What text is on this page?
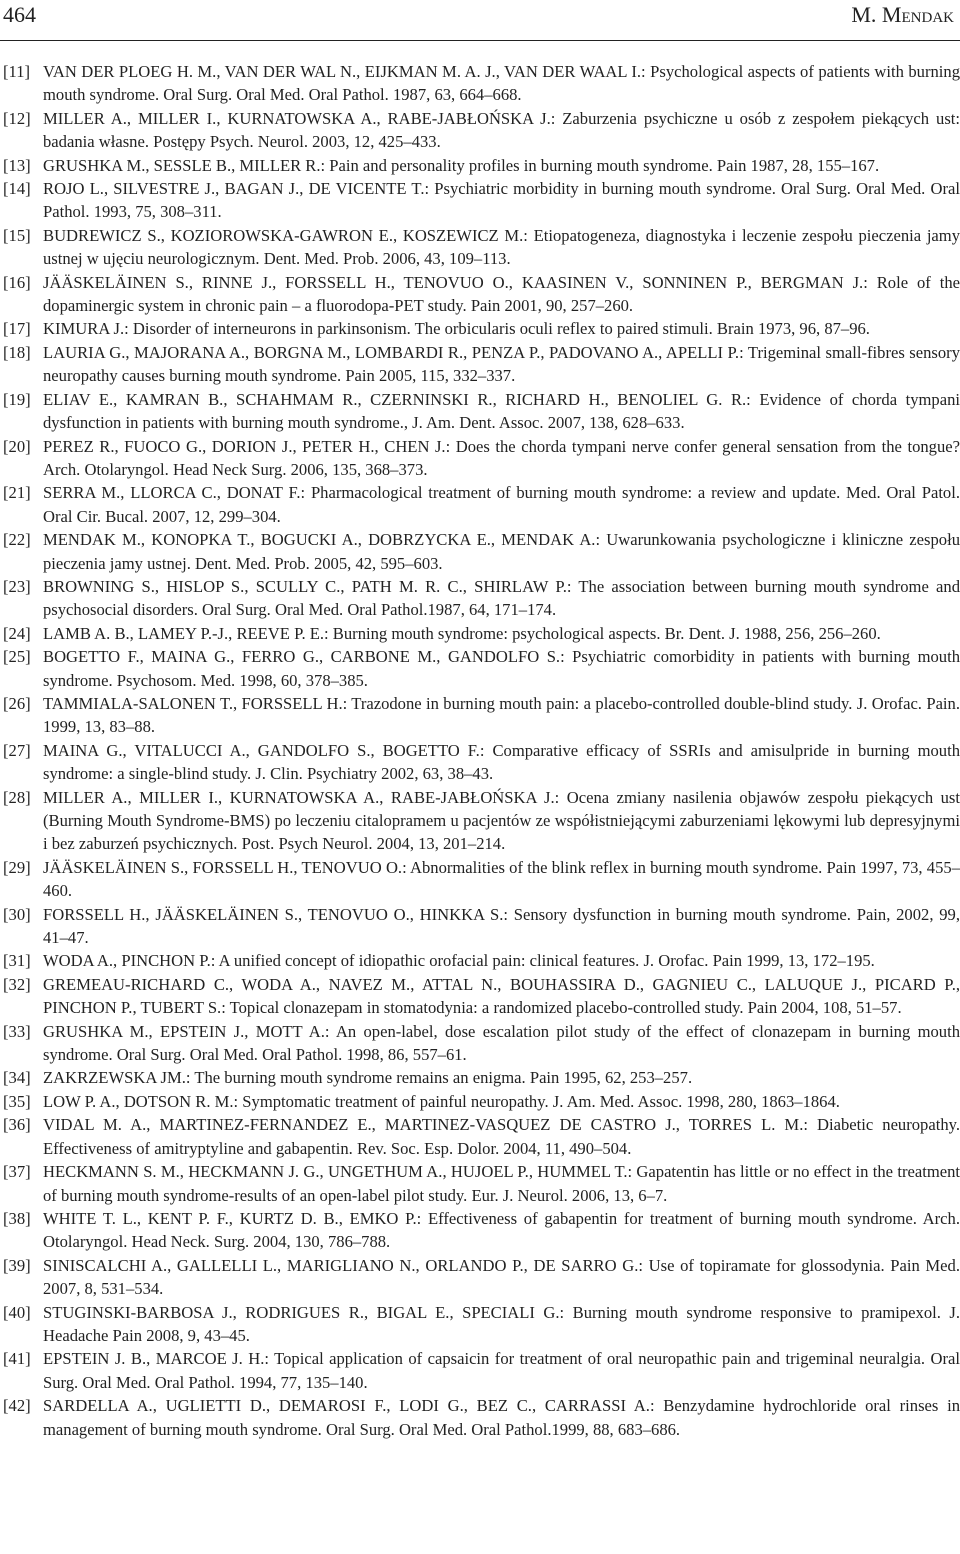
464	M. Mendak
[11] VAN DER PLOEG H. M., VAN DER WAL N., EIJKMAN M. A. J., VAN DER WAAL I.: Psychological aspects of patients with burning mouth syndrome. Oral Surg. Oral Med. Oral Pathol. 1987, 63, 664–668.
[12] MILLER A., MILLER I., KURNATOWSKA A., RABE-JABŁOŃSKA J.: Zaburzenia psychiczne u osób z zespołem piekących ust: badania własne. Postępy Psych. Neurol. 2003, 12, 425–433.
[13] GRUSHKA M., SESSLE B., MILLER R.: Pain and personality profiles in burning mouth syndrome. Pain 1987, 28, 155–167.
[14] ROJO L., SILVESTRE J., BAGAN J., DE VICENTE T.: Psychiatric morbidity in burning mouth syndrome. Oral Surg. Oral Med. Oral Pathol. 1993, 75, 308–311.
[15] BUDREWICZ S., KOZIOROWSKA-GAWRON E., KOSZEWICZ M.: Etiopatogeneza, diagnostyka i leczenie zespołu pieczenia jamy ustnej w ujęciu neurologicznym. Dent. Med. Prob. 2006, 43, 109–113.
[16] JÄÄSKELÄINEN S., RINNE J., FORSSELL H., TENOVUO O., KAASINEN V., SONNINEN P., BERGMAN J.: Role of the dopaminergic system in chronic pain – a fluorodopa-PET study. Pain 2001, 90, 257–260.
[17] KIMURA J.: Disorder of interneurons in parkinsonism. The orbicularis oculi reflex to paired stimuli. Brain 1973, 96, 87–96.
[18] LAURIA G., MAJORANA A., BORGNA M., LOMBARDI R., PENZA P., PADOVANO A., APELLI P.: Trigeminal small-fibres sensory neuropathy causes burning mouth syndrome. Pain 2005, 115, 332–337.
[19] ELIAV E., KAMRAN B., SCHAHMAM R., CZERNINSKI R., RICHARD H., BENOLIEL G. R.: Evidence of chorda tympani dysfunction in patients with burning mouth syndrome., J. Am. Dent. Assoc. 2007, 138, 628–633.
[20] PEREZ R., FUOCO G., DORION J., PETER H., CHEN J.: Does the chorda tympani nerve confer general sensation from the tongue? Arch. Otolaryngol. Head Neck Surg. 2006, 135, 368–373.
[21] SERRA M., LLORCA C., DONAT F.: Pharmacological treatment of burning mouth syndrome: a review and update. Med. Oral Patol. Oral Cir. Bucal. 2007, 12, 299–304.
[22] MENDAK M., KONOPKA T., BOGUCKI A., DOBRZYCKA E., MENDAK A.: Uwarunkowania psychologiczne i kliniczne zespołu pieczenia jamy ustnej. Dent. Med. Prob. 2005, 42, 595–603.
[23] BROWNING S., HISLOP S., SCULLY C., PATH M. R. C., SHIRLAW P.: The association between burning mouth syndrome and psychosocial disorders. Oral Surg. Oral Med. Oral Pathol.1987, 64, 171–174.
[24] LAMB A. B., LAMEY P.-J., REEVE P. E.: Burning mouth syndrome: psychological aspects. Br. Dent. J. 1988, 256, 256–260.
[25] BOGETTO F., MAINA G., FERRO G., CARBONE M., GANDOLFO S.: Psychiatric comorbidity in patients with burning mouth syndrome. Psychosom. Med. 1998, 60, 378–385.
[26] TAMMIALA-SALONEN T., FORSSELL H.: Trazodone in burning mouth pain: a placebo-controlled double-blind study. J. Orofac. Pain. 1999, 13, 83–88.
[27] MAINA G., VITALUCCI A., GANDOLFO S., BOGETTO F.: Comparative efficacy of SSRIs and amisulpride in burning mouth syndrome: a single-blind study. J. Clin. Psychiatry 2002, 63, 38–43.
[28] MILLER A., MILLER I., KURNATOWSKA A., RABE-JABŁOŃSKA J.: Ocena zmiany nasilenia objawów zespołu piekących ust (Burning Mouth Syndrome-BMS) po leczeniu citalopramem u pacjentów ze współistniejącymi zaburzeniami lękowymi lub depresyjnymi i bez zaburzeń psychicznych. Post. Psych Neurol. 2004, 13, 201–214.
[29] JÄÄSKELÄINEN S., FORSSELL H., TENOVUO O.: Abnormalities of the blink reflex in burning mouth syndrome. Pain 1997, 73, 455–460.
[30] FORSSELL H., JÄÄSKELÄINEN S., TENOVUO O., HINKKA S.: Sensory dysfunction in burning mouth syndrome. Pain, 2002, 99, 41–47.
[31] WODA A., PINCHON P.: A unified concept of idiopathic orofacial pain: clinical features. J. Orofac. Pain 1999, 13, 172–195.
[32] GREMEAU-RICHARD C., WODA A., NAVEZ M., ATTAL N., BOUHASSIRA D., GAGNIEU C., LALUQUE J., PICARD P., PINCHON P., TUBERT S.: Topical clonazepam in stomatodynia: a randomized placebo-controlled study. Pain 2004, 108, 51–57.
[33] GRUSHKA M., EPSTEIN J., MOTT A.: An open-label, dose escalation pilot study of the effect of clonazepam in burning mouth syndrome. Oral Surg. Oral Med. Oral Pathol. 1998, 86, 557–61.
[34] ZAKRZEWSKA JM.: The burning mouth syndrome remains an enigma. Pain 1995, 62, 253–257.
[35] LOW P. A., DOTSON R. M.: Symptomatic treatment of painful neuropathy. J. Am. Med. Assoc. 1998, 280, 1863–1864.
[36] VIDAL M. A., MARTINEZ-FERNANDEZ E., MARTINEZ-VASQUEZ DE CASTRO J., TORRES L. M.: Diabetic neuropathy. Effectiveness of amitryptyline and gabapentin. Rev. Soc. Esp. Dolor. 2004, 11, 490–504.
[37] HECKMANN S. M., HECKMANN J. G., UNGETHUM A., HUJOEL P., HUMMEL T.: Gapatentin has little or no effect in the treatment of burning mouth syndrome-results of an open-label pilot study. Eur. J. Neurol. 2006, 13, 6–7.
[38] WHITE T. L., KENT P. F., KURTZ D. B., EMKO P.: Effectiveness of gabapentin for treatment of burning mouth syndrome. Arch. Otolaryngol. Head Neck. Surg. 2004, 130, 786–788.
[39] SINISCALCHI A., GALLELLI L., MARIGLIANO N., ORLANDO P., DE SARRO G.: Use of topiramate for glossodynia. Pain Med. 2007, 8, 531–534.
[40] STUGINSKI-BARBOSA J., RODRIGUES R., BIGAL E., SPECIALI G.: Burning mouth syndrome responsive to pramipexol. J. Headache Pain 2008, 9, 43–45.
[41] EPSTEIN J. B., MARCOE J. H.: Topical application of capsaicin for treatment of oral neuropathic pain and trigeminal neuralgia. Oral Surg. Oral Med. Oral Pathol. 1994, 77, 135–140.
[42] SARDELLA A., UGLIETTI D., DEMAROSI F., LODI G., BEZ C., CARRASSI A.: Benzydamine hydrochloride oral rinses in management of burning mouth syndrome. Oral Surg. Oral Med. Oral Pathol.1999, 88, 683–686.
